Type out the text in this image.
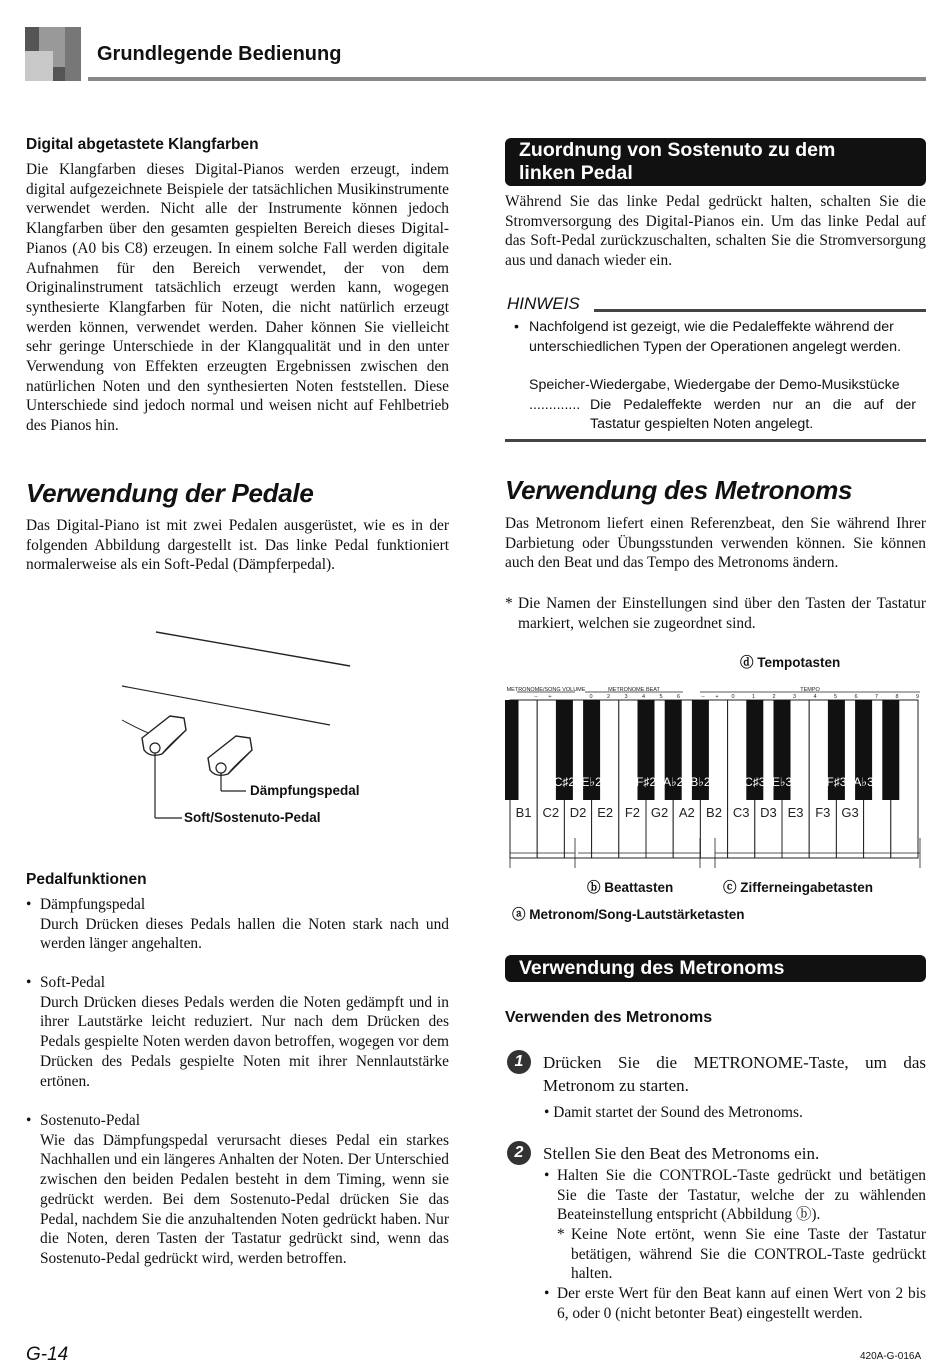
Grundlegende Bedienung
Digital abgetastete Klangfarben

Die Klangfarben dieses Digital-Pianos werden erzeugt, indem digital aufgezeichnete Beispiele der tatsächlichen Musikinstrumente verwendet werden. Nicht alle der Instrumente können jedoch Klangfarben über den gesamten gespielten Bereich dieses Digital-Pianos (A0 bis C8) erzeugen. In einem solche Fall werden digitale Aufnahmen für den Bereich verwendet, der von dem Originalinstrument tatsächlich erzeugt werden kann, wogegen synthesierte Klangfarben für Noten, die nicht natürlich erzeugt werden können, verwendet werden. Daher können Sie vielleicht sehr geringe Unterschiede in der Klangqualität und in den unter Verwendung von Effekten erzeugten Ergebnissen zwischen den natürlichen Noten und den synthesierten Noten feststellen. Diese Unterschiede sind jedoch normal und weisen nicht auf Fehlbetrieb des Pianos hin.

Verwendung der Pedale

Das Digital-Piano ist mit zwei Pedalen ausgerüstet, wie es in der folgenden Abbildung dargestellt ist. Das linke Pedal funktioniert normalerweise als ein Soft-Pedal (Dämpferpedal).

Dämpfungspedal
Soft/Sostenuto-Pedal
Pedalfunktionen
• Dämpfungspedal

Durch Drücken dieses Pedals hallen die Noten stark nach und werden länger angehalten.

• Soft-Pedal

Durch Drücken dieses Pedals werden die Noten gedämpft und in ihrer Lautstärke leicht reduziert. Nur nach dem Drücken des Pedals gespielte Noten werden davon betroffen, wogegen vor dem Drücken des Pedals gespielte Noten mit ihrer Nennlautstärke ertönen.

• Sostenuto-Pedal

Wie das Dämpfungspedal verursacht dieses Pedal ein starkes Nachhallen und ein längeres Anhalten der Noten. Der Unterschied zwischen den beiden Pedalen besteht in dem Timing, wenn sie gedrückt werden. Bei dem Sostenuto-Pedal drücken Sie das Pedal, nachdem Sie die anzuhaltenden Noten gedrückt haben. Nur die Noten, deren Tasten der Tastatur gedrückt sind, wenn das Sostenuto-Pedal gedrückt wird, werden betroffen.

Zuordnung von Sostenuto zu dem
linken Pedal

Während Sie das linke Pedal gedrückt halten, schalten Sie die Stromversorgung des Digital-Pianos ein. Um das linke Pedal auf das Soft-Pedal zurückzuschalten, schalten Sie die Stromversorgung aus und danach wieder ein.

HINWEIS
• Nachfolgend ist gezeigt, wie die Pedaleffekte während der
unterschiedlichen Typen der Operationen angelegt werden.
Speicher-Wiedergabe, Wiedergabe der Demo-Musikstücke
............. Die Pedaleffekte werden nur an die auf der
Tastatur gespielten Noten angelegt.
Verwendung des Metronoms

Das Metronom liefert einen Referenzbeat, den Sie während Ihrer Darbietung oder Übungsstunden verwenden können. Sie können auch den Beat und das Tempo des Metronoms ändern.

* Die Namen der Einstellungen sind über den Tasten der Tastatur markiert, welchen sie zugeordnet sind.

ⓓ Tempotasten
METRONOME/SONG VOLUME	METRONOME BEAT	TEMPO
– +	0	2	3	4	5	6	– + 0	1	2	3	4	5	6	7	8	9
B1 C2 D2 E2 F2 G2 A2 B2 C3 D3 E3 F3 G3
C♯2 E♭2	F♯2 A♭2 B♭2	C♯3 E♭3	F♯3 A♭3
ⓑ Beattasten	ⓒ Zifferneingabetasten
ⓐ Metronom/Song-Lautstärketasten
Verwendung des Metronoms
Verwenden des Metronoms
1	Drücken Sie die METRONOME-Taste, um das Metronom zu starten.

• Damit startet der Sound des Metronoms.
2	Stellen Sie den Beat des Metronoms ein.

• Halten Sie die CONTROL-Taste gedrückt und betätigen Sie die Taste der Tastatur, welche der zu wählenden Beateinstellung entspricht (Abbildung ⓑ).

* Keine Note ertönt, wenn Sie eine Taste der Tastatur betätigen, während Sie die CONTROL-Taste gedrückt halten.

• Der erste Wert für den Beat kann auf einen Wert von 2 bis 6, oder 0 (nicht betonter Beat) eingestellt werden.

G-14	420A-G-016A
